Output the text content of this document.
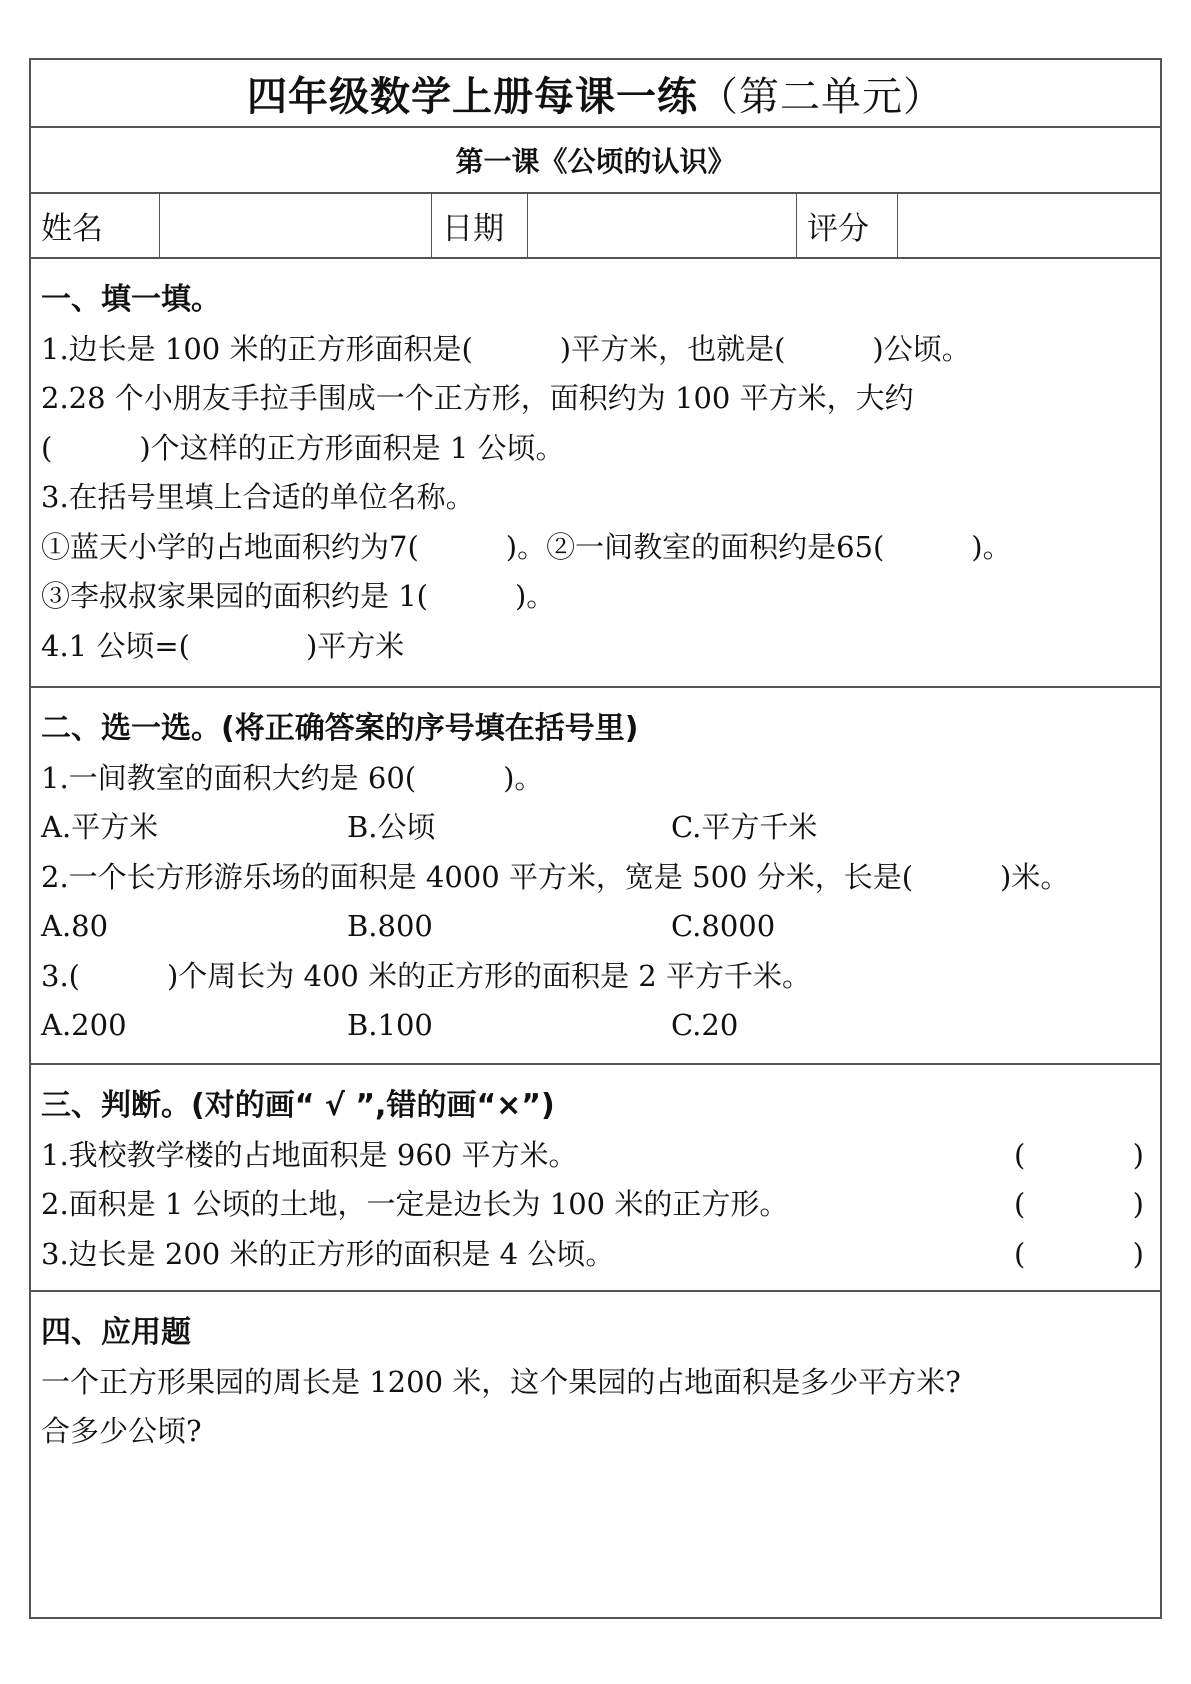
四年级数学上册每课一练（第二单元）
第一课《公顷的认识》
姓名	日期	评分
一、填一填。
1.边长是 100 米的正方形面积是(　　　)平方米，也就是(　　　)公顷。
2.28 个小朋友手拉手围成一个正方形，面积约为 100 平方米，大约
(　　　)个这样的正方形面积是 1 公顷。
3.在括号里填上合适的单位名称。
①蓝天小学的占地面积约为7(　　　)。②一间教室的面积约是65(　　　)。
③李叔叔家果园的面积约是 1(　　　)。
4.1 公顷=(　　　　)平方米
二、选一选。(将正确答案的序号填在括号里)
1.一间教室的面积大约是 60(　　　)。
A.平方米	B.公顷	C.平方千米
2.一个长方形游乐场的面积是 4000 平方米，宽是 500 分米，长是(　　　)米。
A.80	B.800	C.8000
3.(　　　)个周长为 400 米的正方形的面积是 2 平方千米。
A.200	B.100	C.20
三、判断。(对的画“ √ ”,错的画“×”)
1.我校教学楼的占地面积是 960 平方米。	(	)
2.面积是 1 公顷的土地，一定是边长为 100 米的正方形。	(	)
3.边长是 200 米的正方形的面积是 4 公顷。	(	)
四、应用题
一个正方形果园的周长是 1200 米，这个果园的占地面积是多少平方米?
合多少公顷?
